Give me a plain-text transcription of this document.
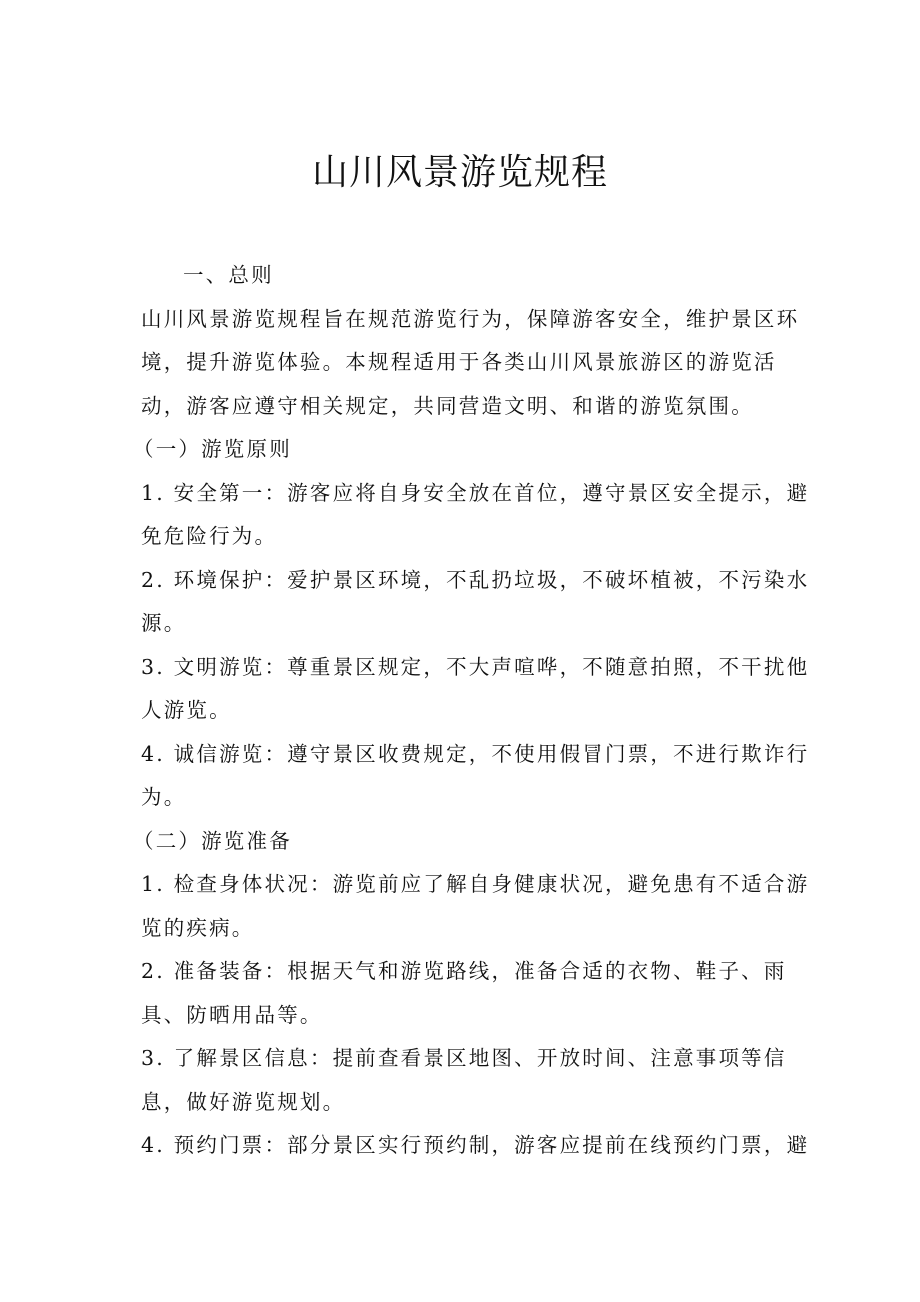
山川风景游览规程
一、总则
山川风景游览规程旨在规范游览行为，保障游客安全，维护景区环
境，提升游览体验。本规程适用于各类山川风景旅游区的游览活
动，游客应遵守相关规定，共同营造文明、和谐的游览氛围。
（一）游览原则
1. 安全第一：游客应将自身安全放在首位，遵守景区安全提示，避
免危险行为。
2. 环境保护：爱护景区环境，不乱扔垃圾，不破坏植被，不污染水
源。
3. 文明游览：尊重景区规定，不大声喧哗，不随意拍照，不干扰他
人游览。
4. 诚信游览：遵守景区收费规定，不使用假冒门票，不进行欺诈行
为。
（二）游览准备
1. 检查身体状况：游览前应了解自身健康状况，避免患有不适合游
览的疾病。
2. 准备装备：根据天气和游览路线，准备合适的衣物、鞋子、雨
具、防晒用品等。
3. 了解景区信息：提前查看景区地图、开放时间、注意事项等信
息，做好游览规划。
4. 预约门票：部分景区实行预约制，游客应提前在线预约门票，避
